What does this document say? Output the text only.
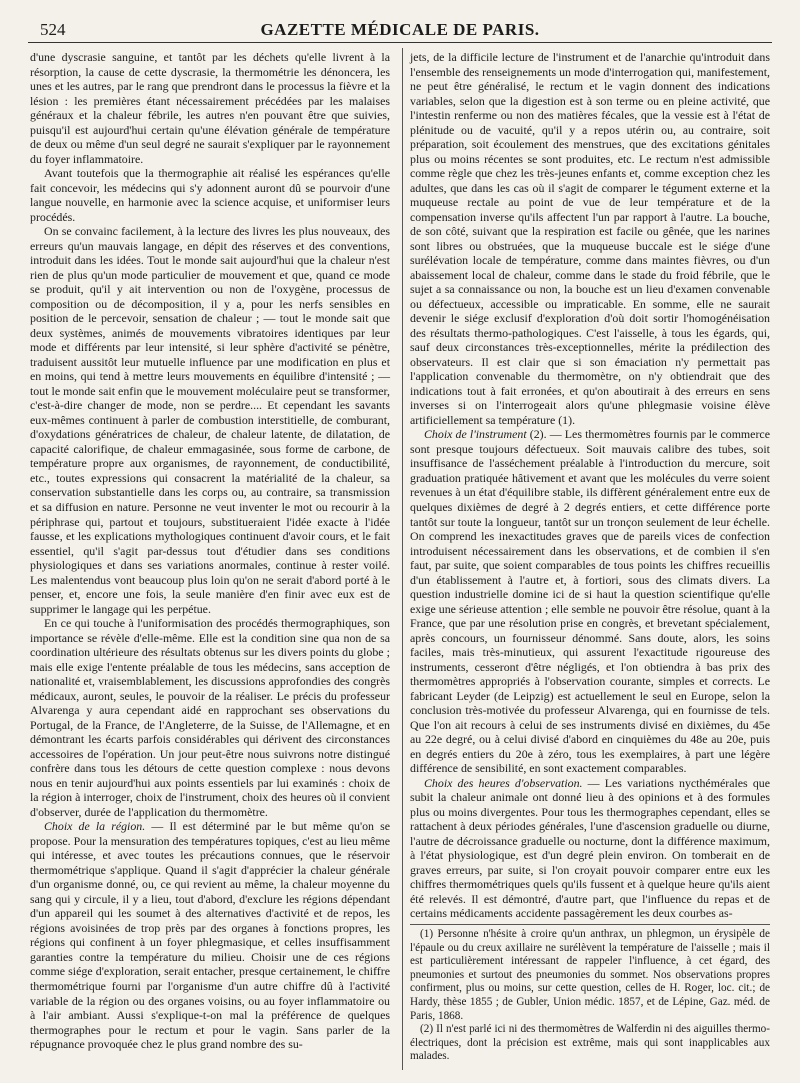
524	GAZETTE MÉDICALE DE PARIS.

d'une dyscrasie sanguine, et tantôt par les déchets qu'elle livrent à la résorption, la cause de cette dyscrasie, la thermométrie les dénoncera, les unes et les autres, par le rang que prendront dans le processus la fièvre et la lésion : les premières étant nécessairement précédées par les malaises généraux et la chaleur fébrile, les autres n'en pouvant être que suivies, puisqu'il est aujourd'hui certain qu'une élévation générale de température de deux ou même d'un seul degré ne saurait s'expliquer par le rayonnement du foyer inflammatoire.

Avant toutefois que la thermographie ait réalisé les espérances qu'elle fait concevoir, les médecins qui s'y adonnent auront dû se pourvoir d'une langue nouvelle, en harmonie avec la science acquise, et uniformiser leurs procédés.

On se convainc facilement, à la lecture des livres les plus nouveaux, des erreurs qu'un mauvais langage, en dépit des réserves et des conventions, introduit dans les idées. Tout le monde sait aujourd'hui que la chaleur n'est rien de plus qu'un mode particulier de mouvement et que, quand ce mode se produit, qu'il y ait intervention ou non de l'oxygène, processus de composition ou de décomposition, il y a, pour les nerfs sensibles en position de le percevoir, sensation de chaleur ; — tout le monde sait que deux systèmes, animés de mouvements vibratoires identiques par leur mode et différents par leur intensité, si leur sphère d'activité se pénètre, traduisent aussitôt leur mutuelle influence par une modification en plus et en moins, qui tend à mettre leurs mouvements en équilibre d'intensité ; — tout le monde sait enfin que le mouvement moléculaire peut se transformer, c'est-à-dire changer de mode, non se perdre.... Et cependant les savants eux-mêmes continuent à parler de combustion interstitielle, de comburant, d'oxydations génératrices de chaleur, de chaleur latente, de dilatation, de capacité calorifique, de chaleur emmagasinée, sous forme de carbone, de température propre aux organismes, de rayonnement, de conductibilité, etc., toutes expressions qui consacrent la matérialité de la chaleur, sa conservation substantielle dans les corps ou, au contraire, sa transmission et sa diffusion en nature. Personne ne veut inventer le mot ou recourir à la périphrase qui, partout et toujours, substitueraient l'idée exacte à l'idée fausse, et les explications mythologiques continuent d'avoir cours, et le fait essentiel, qu'il s'agit par-dessus tout d'étudier dans ses conditions physiologiques et dans ses variations anormales, continue à rester voilé. Les malentendus vont beaucoup plus loin qu'on ne serait d'abord porté à le penser, et, encore une fois, la seule manière d'en finir avec eux est de supprimer le langage qui les perpétue.

En ce qui touche à l'uniformisation des procédés thermographiques, son importance se révèle d'elle-même. Elle est la condition sine qua non de sa coordination ultérieure des résultats obtenus sur les divers points du globe ; mais elle exige l'entente préalable de tous les médecins, sans acception de nationalité et, vraisemblablement, les discussions approfondies des congrès médicaux, auront, seules, le pouvoir de la réaliser. Le précis du professeur Alvarenga y aura cependant aidé en rapprochant ses observations du Portugal, de la France, de l'Angleterre, de la Suisse, de l'Allemagne, et en démontrant les écarts parfois considérables qui dérivent des circonstances accessoires de l'opération. Un jour peut-être nous suivrons notre distingué confrère dans tous les détours de cette question complexe : nous devons nous en tenir aujourd'hui aux points essentiels par lui examinés : choix de la région à interroger, choix de l'instrument, choix des heures où il convient d'observer, durée de l'application du thermomètre.

Choix de la région. — Il est déterminé par le but même qu'on se propose. Pour la mensuration des températures topiques, c'est au lieu même qui intéresse, et avec toutes les précautions connues, que le réservoir thermométrique s'applique. Quand il s'agit d'apprécier la chaleur générale d'un organisme donné, ou, ce qui revient au même, la chaleur moyenne du sang qui y circule, il y a lieu, tout d'abord, d'exclure les régions dépendant d'un appareil qui les soumet à des alternatives d'activité et de repos, les régions avoisinées de trop près par des organes à fonctions propres, les régions qui confinent à un foyer phlegmasique, et celles insuffisamment garanties contre la température du milieu. Choisir une de ces régions comme siége d'exploration, serait entacher, presque certainement, le chiffre thermométrique fourni par l'organisme d'un autre chiffre dû à l'activité variable de la région ou des organes voisins, ou au foyer inflammatoire ou à l'air ambiant. Aussi s'explique-t-on mal la préférence de quelques thermographes pour le rectum et pour le vagin. Sans parler de la répugnance provoquée chez le plus grand nombre des su-

jets, de la difficile lecture de l'instrument et de l'anarchie qu'introduit dans l'ensemble des renseignements un mode d'interrogation qui, manifestement, ne peut être généralisé, le rectum et le vagin donnent des indications variables, selon que la digestion est à son terme ou en pleine activité, que l'intestin renferme ou non des matières fécales, que la vessie est à l'état de plénitude ou de vacuité, qu'il y a repos utérin ou, au contraire, soit préparation, soit écoulement des menstrues, que des excitations génitales plus ou moins récentes se sont produites, etc. Le rectum n'est admissible comme règle que chez les très-jeunes enfants et, comme exception chez les adultes, que dans les cas où il s'agit de comparer le tégument externe et la muqueuse rectale au point de vue de leur température et de la compensation inverse qu'ils affectent l'un par rapport à l'autre. La bouche, de son côté, suivant que la respiration est facile ou gênée, que les narines sont libres ou obstruées, que la muqueuse buccale est le siége d'une surélévation locale de température, comme dans maintes fièvres, ou d'un abaissement local de chaleur, comme dans le stade du froid fébrile, que le sujet a sa connaissance ou non, la bouche est un lieu d'examen convenable ou défectueux, accessible ou impraticable. En somme, elle ne saurait devenir le siége exclusif d'exploration d'où doit sortir l'homogénéisation des résultats thermo-pathologiques. C'est l'aisselle, à tous les égards, qui, sauf deux circonstances très-exceptionnelles, mérite la prédilection des observateurs. Il est clair que si son émaciation n'y permettait pas l'application convenable du thermomètre, on n'y obtiendrait que des indications tout à fait erronées, et qu'on aboutirait à des erreurs en sens inverses si on l'interrogeait alors qu'une phlegmasie voisine élève artificiellement sa température (1).

Choix de l'instrument (2). — Les thermomètres fournis par le commerce sont presque toujours défectueux. Soit mauvais calibre des tubes, soit insuffisance de l'asséchement préalable à l'introduction du mercure, soit graduation pratiquée hâtivement et avant que les molécules du verre soient revenues à un état d'équilibre stable, ils diffèrent généralement entre eux de quelques dixièmes de degré à 2 degrés entiers, et cette différence porte tantôt sur toute la longueur, tantôt sur un tronçon seulement de leur échelle. On comprend les inexactitudes graves que de pareils vices de confection introduisent nécessairement dans les observations, et de combien il s'en faut, par suite, que soient comparables de tous points les chiffres recueillis d'un établissement à l'autre et, à fortiori, sous des climats divers. La question industrielle domine ici de si haut la question scientifique qu'elle exige une sérieuse attention ; elle semble ne pouvoir être résolue, quant à la France, que par une résolution prise en congrès, et brevetant spécialement, après concours, un fournisseur dénommé. Sans doute, alors, les soins faciles, mais très-minutieux, qui assurent l'exactitude rigoureuse des instruments, cesseront d'être négligés, et l'on obtiendra à bas prix des thermomètres appropriés à l'observation courante, simples et corrects. Le fabricant Leyder (de Leipzig) est actuellement le seul en Europe, selon la conclusion très-motivée du professeur Alvarenga, qui en fournisse de tels. Que l'on ait recours à celui de ses instruments divisé en dixièmes, du 45e au 22e degré, ou à celui divisé d'abord en cinquièmes du 48e au 20e, puis en degrés entiers du 20e à zéro, tous les exemplaires, à part une légère différence de sensibilité, en sont exactement comparables.

Choix des heures d'observation. — Les variations nycthémérales que subit la chaleur animale ont donné lieu à des opinions et à des formules plus ou moins divergentes. Pour tous les thermographes cependant, elles se rattachent à deux périodes générales, l'une d'ascension graduelle ou diurne, l'autre de décroissance graduelle ou nocturne, dont la différence maximum, à l'état physiologique, est d'un degré plein environ. On tomberait en de graves erreurs, par suite, si l'on croyait pouvoir comparer entre eux les chiffres thermométriques quels qu'ils fussent et à quelque heure qu'ils aient été relevés. Il est démontré, d'autre part, que l'influence du repas et de certains médicaments accidente passagèrement les deux courbes as-

(1) Personne n'hésite à croire qu'un anthrax, un phlegmon, un érysipèle de l'épaule ou du creux axillaire ne surélèvent la température de l'aisselle ; mais il est particulièrement intéressant de rappeler l'influence, à cet égard, des pneumonies et surtout des pneumonies du sommet. Nos observations propres confirment, plus ou moins, sur cette question, celles de H. Roger, loc. cit.; de Hardy, thèse 1855 ; de Gubler, Union médic. 1857, et de Lépine, Gaz. méd. de Paris, 1868.

(2) Il n'est parlé ici ni des thermomètres de Walferdin ni des aiguilles thermo-électriques, dont la précision est extrême, mais qui sont inapplicables aux malades.
